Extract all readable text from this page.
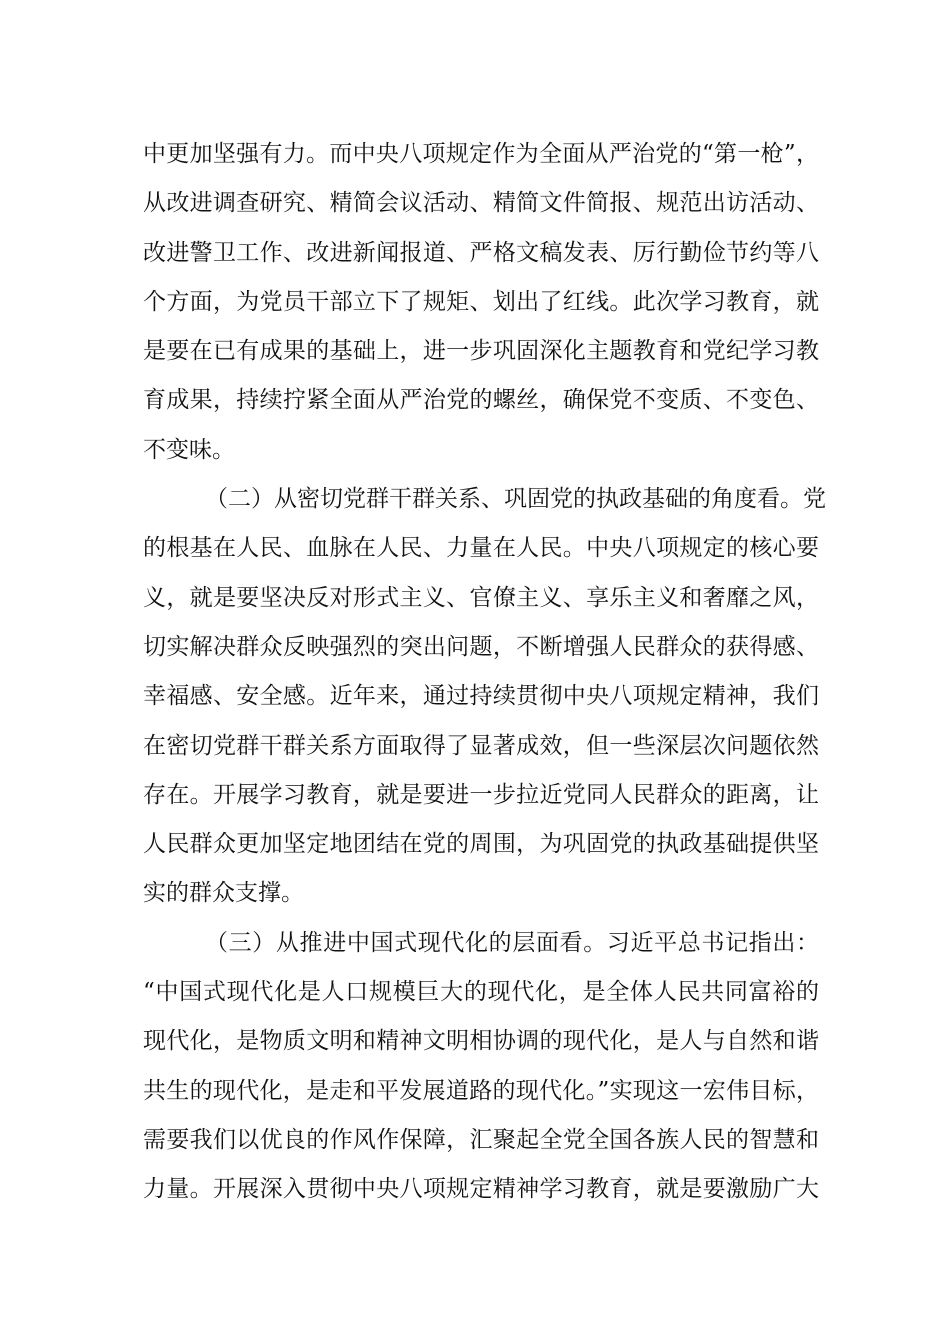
中更加坚强有力。而中央八项规定作为全面从严治党的“第一枪”，
从改进调查研究、精简会议活动、精简文件简报、规范出访活动、
改进警卫工作、改进新闻报道、严格文稿发表、厉行勤俭节约等八
个方面，为党员干部立下了规矩、划出了红线。此次学习教育，就
是要在已有成果的基础上，进一步巩固深化主题教育和党纪学习教
育成果，持续拧紧全面从严治党的螺丝，确保党不变质、不变色、
不变味。
（二）从密切党群干群关系、巩固党的执政基础的角度看。党
的根基在人民、血脉在人民、力量在人民。中央八项规定的核心要
义，就是要坚决反对形式主义、官僚主义、享乐主义和奢靡之风，
切实解决群众反映强烈的突出问题，不断增强人民群众的获得感、
幸福感、安全感。近年来，通过持续贯彻中央八项规定精神，我们
在密切党群干群关系方面取得了显著成效，但一些深层次问题依然
存在。开展学习教育，就是要进一步拉近党同人民群众的距离，让
人民群众更加坚定地团结在党的周围，为巩固党的执政基础提供坚
实的群众支撑。
（三）从推进中国式现代化的层面看。习近平总书记指出：
“中国式现代化是人口规模巨大的现代化，是全体人民共同富裕的
现代化，是物质文明和精神文明相协调的现代化，是人与自然和谐
共生的现代化，是走和平发展道路的现代化。”实现这一宏伟目标，
需要我们以优良的作风作保障，汇聚起全党全国各族人民的智慧和
力量。开展深入贯彻中央八项规定精神学习教育，就是要激励广大
